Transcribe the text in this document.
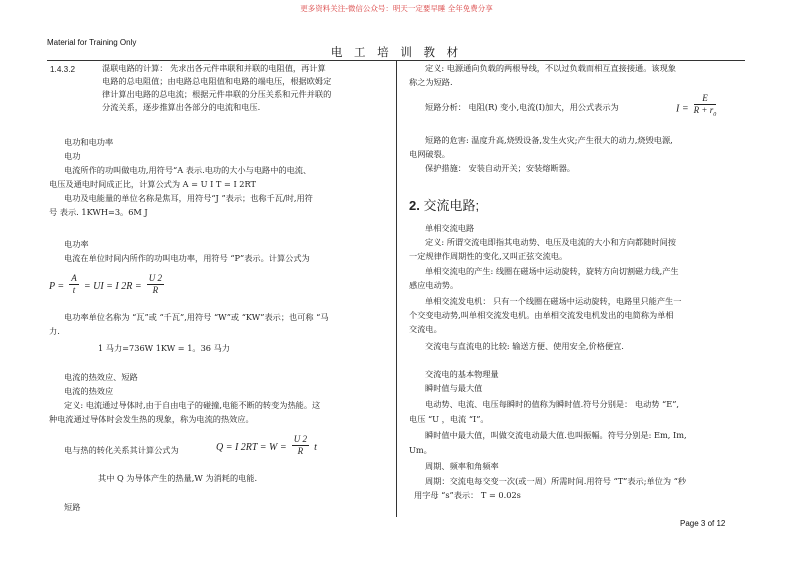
更多资料关注-微信公众号：明天一定要早睡 全年免费分享
Material for Training Only
电 工 培 训 教 材
1.4.3.2	混联电路的计算： 先求出各元件串联和并联的电阻值，再计算
电路的总电阻值；由电路总电阻值和电路的端电压，根据欧姆定
律计算出电路的总电流；根据元件串联的分压关系和元件并联的
分流关系，逐步推算出各部分的电流和电压.
电功和电功率
电功
电流所作的功叫做电功,用符号“A 表示.电功的大小与电路中的电流、
电压及通电时间成正比，计算公式为 A = U I T = I 2RT
电功及电能量的单位名称是焦耳，用符号“J ”表示；也称千瓦/时,用符
号 表示. 1KWH=3。6M J
电功率
电流在单位时间内所作的功叫电功率，用符号 “P”表示。计算公式为
$P = \frac{A}{t}$ = UI = I $2R = \frac{U 2}{R}$
电功率单位名称为 “瓦”或 “千瓦”,用符号 “W”或 “KW”表示；也可称 “马
力.
1 马力=736W 1KW = 1。36 马力
电流的热效应、短路
电流的热效应
定义: 电流通过导体时,由于自由电子的碰撞,电能不断的转变为热能。这
种电流通过导体时会发生热的现象，称为电流的热效应。
电与热的转化关系其计算公式为	Q = I $2RT = W = \frac{U 2}{R}$ t
其中 Q 为导体产生的热量,W 为消耗的电能.
短路
定义: 电源通向负载的两根导线，不以过负载而相互直接接通。该现象
称之为短路.
短路分析： 电阻(R) 变小,电流(I)加大，用公式表示为	$I = \frac{E}{R + r_0}$
短路的危害: 温度升高,烧毁设备,发生火灾;产生很大的动力,烧毁电源,
电网破裂。
保护措施： 安装自动开关；安装熔断器。
2. 交流电路;
单相交流电路
定义: 所谓交流电即指其电动势、电压及电流的大小和方向都随时间按
一定规律作周期性的变化,又叫正弦交流电。
单相交流电的产生: 线圈在磁场中运动旋转，旋转方向切割磁力线,产生
感应电动势。
单相交流发电机： 只有一个线圈在磁场中运动旋转，电路里只能产生一
个交变电动势,叫单相交流发电机。由单相交流发电机发出的电简称为单相
交流电。
交流电与直流电的比较: 输送方便、使用安全,价格便宜.
交流电的基本物理量
瞬时值与最大值
电动势、电流、电压每瞬时的值称为瞬时值.符号分别是： 电动势 “E”,
电压 “U ，电流 “I”。
瞬时值中最大值，叫做交流电动最大值.也叫振幅。符号分别是: Em, Im,
Um。
周期、频率和角频率
周期：交流电每交变一次(或一周）所需时间.用符号 “T”表示;单位为 “秒
用字母 “s”表示： T = 0.02s
Page 3 of 12
